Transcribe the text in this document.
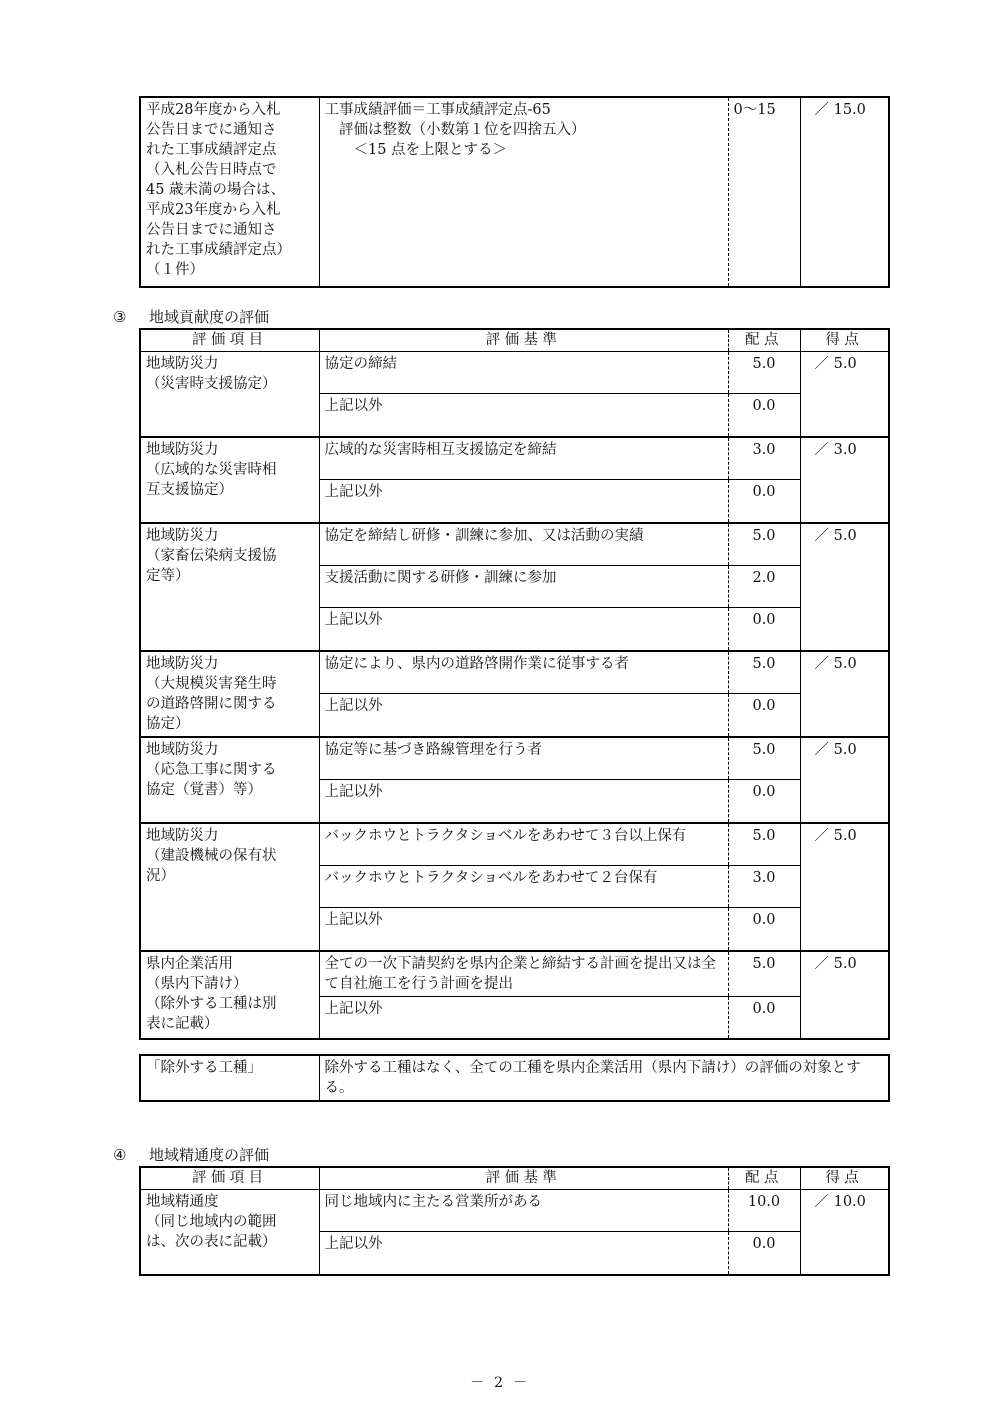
平成28年度から入札
公告日までに通知さ
れた工事成績評定点
（入札公告日時点で
45 歳未満の場合は、
平成23年度から入札
公告日までに通知さ
れた工事成績評定点）
（１件）	工事成績評価＝工事成績評定点-65
　評価は整数（小数第１位を四捨五入）
　　＜15 点を上限とする＞	0～15	／ 15.0
③ 地域貢献度の評価
評価項目	評価基準	配点	得点
地域防災力
（災害時支援協定）	協定の締結	5.0	／ 5.0
	上記以外	0.0	
地域防災力
（広域的な災害時相
互支援協定）	広域的な災害時相互支援協定を締結	3.0	／ 3.0
	上記以外	0.0	
地域防災力
（家畜伝染病支援協
定等）	協定を締結し研修・訓練に参加、又は活動の実績	5.0	／ 5.0
	支援活動に関する研修・訓練に参加	2.0	
	上記以外	0.0	
地域防災力
（大規模災害発生時
の道路啓開に関する
協定）	協定により、県内の道路啓開作業に従事する者	5.0	／ 5.0
	上記以外	0.0	
地域防災力
（応急工事に関する
協定（覚書）等）	協定等に基づき路線管理を行う者	5.0	／ 5.0
	上記以外	0.0	
地域防災力
（建設機械の保有状
況）	バックホウとトラクタショベルをあわせて３台以上保有	5.0	／ 5.0
	バックホウとトラクタショベルをあわせて２台保有	3.0	
	上記以外	0.0	
県内企業活用
（県内下請け）
（除外する工種は別
表に記載）	全ての一次下請契約を県内企業と締結する計画を提出又は全て自社施工を行う計画を提出	5.0	／ 5.0
	上記以外	0.0	
「除外する工種」	除外する工種はなく、全ての工種を県内企業活用（県内下請け）の評価の対象とする。
④ 地域精通度の評価
評価項目	評価基準	配点	得点
地域精通度
（同じ地域内の範囲
は、次の表に記載）	同じ地域内に主たる営業所がある	10.0	／ 10.0
	上記以外	0.0	
－ 2 －
